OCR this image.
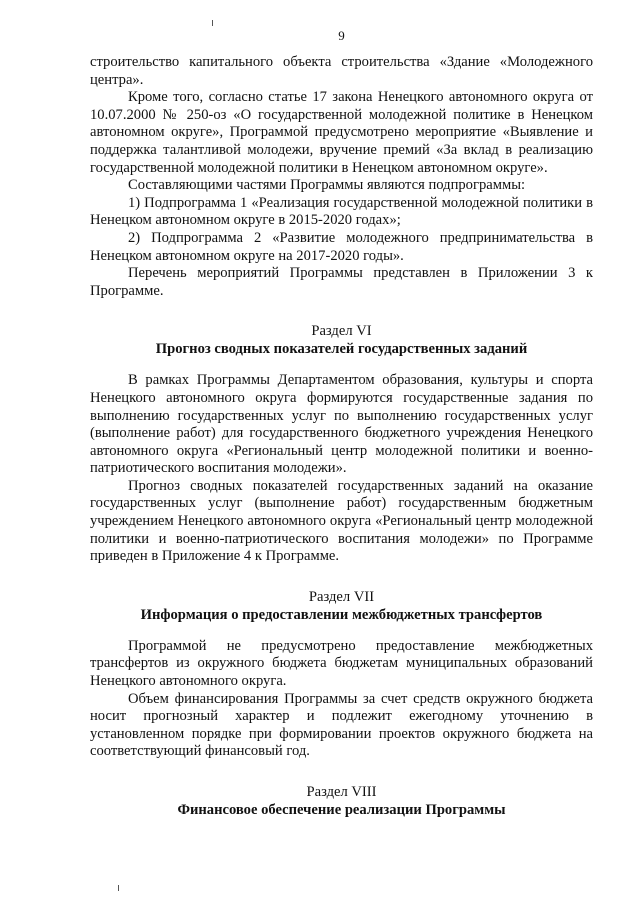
9

строительство капитального объекта строительства «Здание «Молодежного центра».

Кроме того, согласно статье 17 закона Ненецкого автономного округа от 10.07.2000 № 250-оз «О государственной молодежной политике в Ненецком автономном округе», Программой предусмотрено мероприятие «Выявление и поддержка талантливой молодежи, вручение премий «За вклад в реализацию государственной молодежной политики в Ненецком автономном округе».

Составляющими частями Программы являются подпрограммы:

1) Подпрограмма 1 «Реализация государственной молодежной политики в Ненецком автономном округе в 2015-2020 годах»;

2) Подпрограмма 2 «Развитие молодежного предпринимательства в Ненецком автономном округе на 2017-2020 годы».

Перечень мероприятий Программы представлен в Приложении 3 к Программе.

Раздел VI
Прогноз сводных показателей государственных заданий

В рамках Программы Департаментом образования, культуры и спорта Ненецкого автономного округа формируются государственные задания по выполнению государственных услуг по выполнению государственных услуг (выполнение работ) для государственного бюджетного учреждения Ненецкого автономного округа «Региональный центр молодежной политики и военно-патриотического воспитания молодежи».

Прогноз сводных показателей государственных заданий на оказание государственных услуг (выполнение работ) государственным бюджетным учреждением Ненецкого автономного округа «Региональный центр молодежной политики и военно-патриотического воспитания молодежи» по Программе приведен в Приложение 4 к Программе.

Раздел VII
Информация о предоставлении межбюджетных трансфертов

Программой не предусмотрено предоставление межбюджетных трансфертов из окружного бюджета бюджетам муниципальных образований Ненецкого автономного округа.

Объем финансирования Программы за счет средств окружного бюджета носит прогнозный характер и подлежит ежегодному уточнению в установленном порядке при формировании проектов окружного бюджета на соответствующий финансовый год.

Раздел VIII
Финансовое обеспечение реализации Программы
